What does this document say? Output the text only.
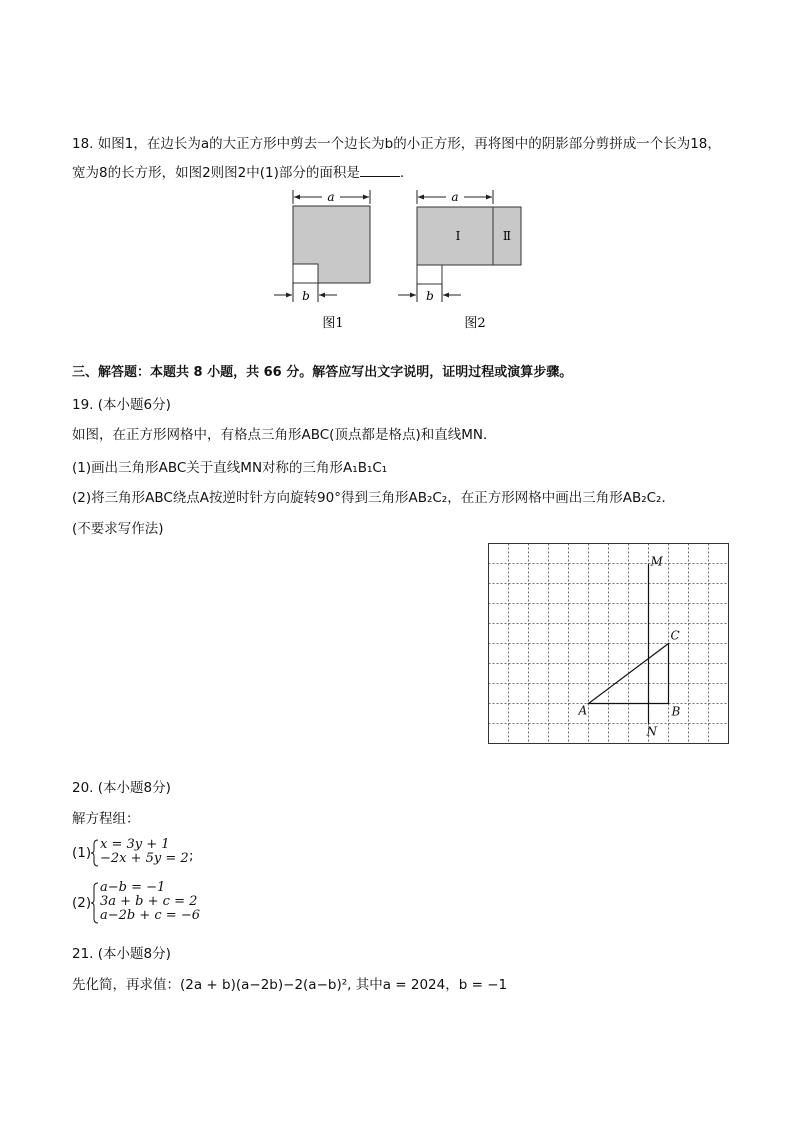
18. 如图1，在边长为a的大正方形中剪去一个边长为b的小正方形，再将图中的阴影部分剪拼成一个长为18，
宽为8的长方形，如图2则图2中(1)部分的面积是	.
a
b
图1
a
Ⅰ	Ⅱ
b
图2
三、解答题：本题共 8 小题，共 66 分。解答应写出文字说明，证明过程或演算步骤。
19. (本小题6分)
如图，在正方形网格中，有格点三角形ABC(顶点都是格点)和直线MN．
(1)画出三角形ABC关于直线MN对称的三角形A₁B₁C₁
(2)将三角形ABC绕点A按逆时针方向旋转90°得到三角形AB₂C₂，在正方形网格中画出三角形AB₂C₂．
(不要求写作法)
M
N
A	B
C
20. (本小题8分)
解方程组：
(1)
x = 3y + 1
−2x + 5y = 2 ;
(2)
a−b = −1
3a + b + c = 2
a−2b + c = −6
21. (本小题8分)
先化简，再求值：(2a + b)(a−2b)−2(a−b)², 其中a = 2024，b = −1
